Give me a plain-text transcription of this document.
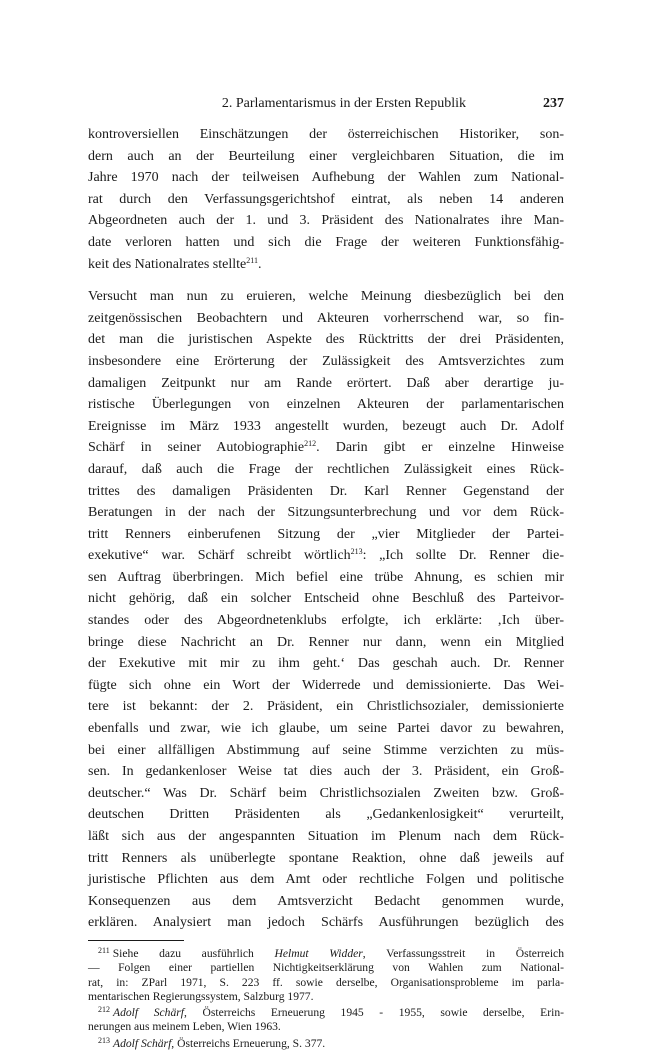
2. Parlamentarismus in der Ersten Republik	237
kontroversiellen Einschätzungen der österreichischen Historiker, son-
dern auch an der Beurteilung einer vergleichbaren Situation, die im
Jahre 1970 nach der teilweisen Aufhebung der Wahlen zum National-
rat durch den Verfassungsgerichtshof eintrat, als neben 14 anderen
Abgeordneten auch der 1. und 3. Präsident des Nationalrates ihre Man-
date verloren hatten und sich die Frage der weiteren Funktionsfähig-
keit des Nationalrates stellte$^{211}$.
Versucht man nun zu eruieren, welche Meinung diesbezüglich bei den
zeitgenössischen Beobachtern und Akteuren vorherrschend war, so fin-
det man die juristischen Aspekte des Rücktritts der drei Präsidenten,
insbesondere eine Erörterung der Zulässigkeit des Amtsverzichtes zum
damaligen Zeitpunkt nur am Rande erörtert. Daß aber derartige ju-
ristische Überlegungen von einzelnen Akteuren der parlamentarischen
Ereignisse im März 1933 angestellt wurden, bezeugt auch Dr. Adolf
Schärf in seiner Autobiographie$^{212}$. Darin gibt er einzelne Hinweise
darauf, daß auch die Frage der rechtlichen Zulässigkeit eines Rück-
trittes des damaligen Präsidenten Dr. Karl Renner Gegenstand der
Beratungen in der nach der Sitzungsunterbrechung und vor dem Rück-
tritt Renners einberufenen Sitzung der „vier Mitglieder der Partei-
exekutive“ war. Schärf schreibt wörtlich$^{213}$: „Ich sollte Dr. Renner die-
sen Auftrag überbringen. Mich befiel eine trübe Ahnung, es schien mir
nicht gehörig, daß ein solcher Entscheid ohne Beschluß des Parteivor-
standes oder des Abgeordnetenklubs erfolgte, ich erklärte: ‚Ich über-
bringe diese Nachricht an Dr. Renner nur dann, wenn ein Mitglied
der Exekutive mit mir zu ihm geht.‘ Das geschah auch. Dr. Renner
fügte sich ohne ein Wort der Widerrede und demissionierte. Das Wei-
tere ist bekannt: der 2. Präsident, ein Christlichsozialer, demissionierte
ebenfalls und zwar, wie ich glaube, um seine Partei davor zu bewahren,
bei einer allfälligen Abstimmung auf seine Stimme verzichten zu müs-
sen. In gedankenloser Weise tat dies auch der 3. Präsident, ein Groß-
deutscher.“ Was Dr. Schärf beim Christlichsozialen Zweiten bzw. Groß-
deutschen Dritten Präsidenten als „Gedankenlosigkeit“ verurteilt,
läßt sich aus der angespannten Situation im Plenum nach dem Rück-
tritt Renners als unüberlegte spontane Reaktion, ohne daß jeweils auf
juristische Pflichten aus dem Amt oder rechtliche Folgen und politische
Konsequenzen aus dem Amtsverzicht Bedacht genommen wurde,
erklären. Analysiert man jedoch Schärfs Ausführungen bezüglich des
$^{211}$ Siehe dazu ausführlich Helmut Widder, Verfassungsstreit in Österreich
— Folgen einer partiellen Nichtigkeitserklärung von Wahlen zum National-
rat, in: ZParl 1971, S. 223 ff. sowie derselbe, Organisationsprobleme im parla-
mentarischen Regierungssystem, Salzburg 1977.
$^{212}$ Adolf Schärf, Österreichs Erneuerung 1945 - 1955, sowie derselbe, Erin-
nerungen aus meinem Leben, Wien 1963.
$^{213}$ Adolf Schärf, Österreichs Erneuerung, S. 377.
